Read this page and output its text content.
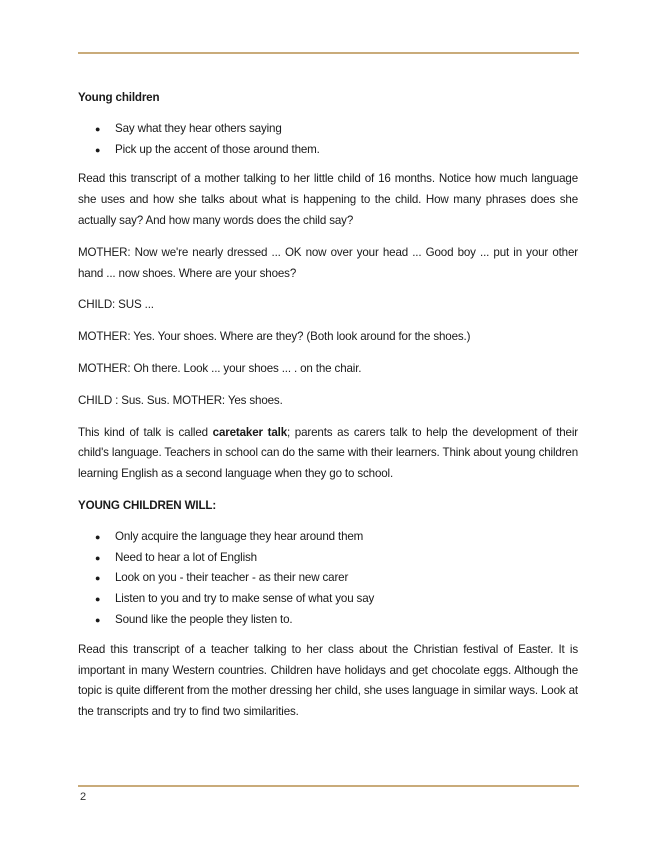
Young children
● Say what they hear others saying
● Pick up the accent of those around them.

Read this transcript of a mother talking to her little child of 16 months. Notice how much language she uses and how she talks about what is happening to the child. How many phrases does she actually say? And how many words does the child say?

MOTHER: Now we're nearly dressed ... OK now over your head ... Good boy ... put in your other hand ... now shoes. Where are your shoes?

CHILD: SUS ...

MOTHER: Yes. Your shoes. Where are they? (Both look around for the shoes.)

MOTHER: Oh there. Look ... your shoes ... . on the chair.

CHILD : Sus. Sus. MOTHER: Yes shoes.

This kind of talk is called caretaker talk; parents as carers talk to help the development of their child's language. Teachers in school can do the same with their learners. Think about young children learning English as a second language when they go to school.

YOUNG CHILDREN WILL:
● Only acquire the language they hear around them
● Need to hear a lot of English
● Look on you - their teacher - as their new carer
● Listen to you and try to make sense of what you say
● Sound like the people they listen to.

Read this transcript of a teacher talking to her class about the Christian festival of Easter. It is important in many Western countries. Children have holidays and get chocolate eggs. Although the topic is quite different from the mother dressing her child, she uses language in similar ways. Look at the transcripts and try to find two similarities.

2
